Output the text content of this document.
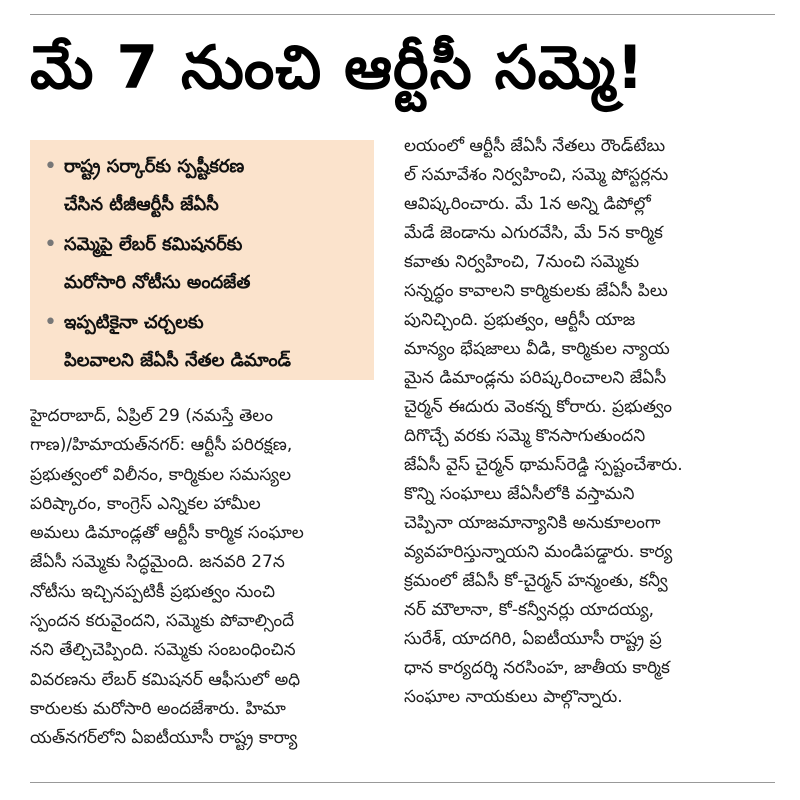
మే 7 నుంచి ఆర్టీసీ సమ్మె!
• రాష్ట్ర సర్కార్‌కు స్పష్టీకరణ
చేసిన టీజీఆర్టీసీ జేఏసీ
• సమ్మెపై లేబర్ కమిషనర్‌కు
మరోసారి నోటీసు అందజేత
• ఇప్పటికైనా చర్చలకు
పిలవాలని జేఏసీ నేతల డిమాండ్
హైదరాబాద్, ఏప్రిల్ 29 (నమస్తే తెలం
గాణ)/హిమాయత్‌నగర్: ఆర్టీసీ పరిరక్షణ,
ప్రభుత్వంలో విలీనం, కార్మికుల సమస్యల
పరిష్కారం, కాంగ్రెస్ ఎన్నికల హామీల
అమలు డిమాండ్లతో ఆర్టీసీ కార్మిక సంఘాల
జేఏసీ సమ్మెకు సిద్ధమైంది. జనవరి 27న
నోటీసు ఇచ్చినప్పటికీ ప్రభుత్వం నుంచి
స్పందన కరువైందని, సమ్మెకు పోవాల్సిందే
నని తేల్చిచెప్పింది. సమ్మెకు సంబంధించిన
వివరణను లేబర్ కమిషనర్ ఆఫీసులో అధి
కారులకు మరోసారి అందజేశారు. హిమా
యత్‌నగర్‌లోని ఏఐటీయూసీ రాష్ట్ర కార్యా
లయంలో ఆర్టీసీ జేఏసీ నేతలు రౌండ్‌టేబు
ల్ సమావేశం నిర్వహించి, సమ్మె పోస్టర్లను
ఆవిష్కరించారు. మే 1న అన్ని డిపోల్లో
మేడే జెండాను ఎగురవేసి, మే 5న కార్మిక
కవాతు నిర్వహించి, 7నుంచి సమ్మెకు
సన్నద్ధం కావాలని కార్మికులకు జేఏసీ పిలు
పునిచ్చింది. ప్రభుత్వం, ఆర్టీసీ యాజ
మాన్యం భేషజాలు వీడి, కార్మికుల న్యాయ
మైన డిమాండ్లను పరిష్కరించాలని జేఏసీ
చైర్మన్ ఈదురు వెంకన్న కోరారు. ప్రభుత్వం
దిగొచ్చే వరకు సమ్మె కొనసాగుతుందని
జేఏసీ వైస్ చైర్మన్ థామస్‌రెడ్డి స్పష్టంచేశారు.
కొన్ని సంఘాలు జేఏసీలోకి వస్తామని
చెప్పినా యాజమాన్యానికి అనుకూలంగా
వ్యవహరిస్తున్నాయని మండిపడ్డారు. కార్య
క్రమంలో జేఏసీ కో-చైర్మన్ హన్మంతు, కన్వీ
నర్ మౌలానా, కో-కన్వీనర్లు యాదయ్య,
సురేశ్, యాదగిరి, ఏఐటీయూసీ రాష్ట్ర ప్ర
ధాన కార్యదర్శి నరసింహ, జాతీయ కార్మిక
సంఘాల నాయకులు పాల్గొన్నారు.
